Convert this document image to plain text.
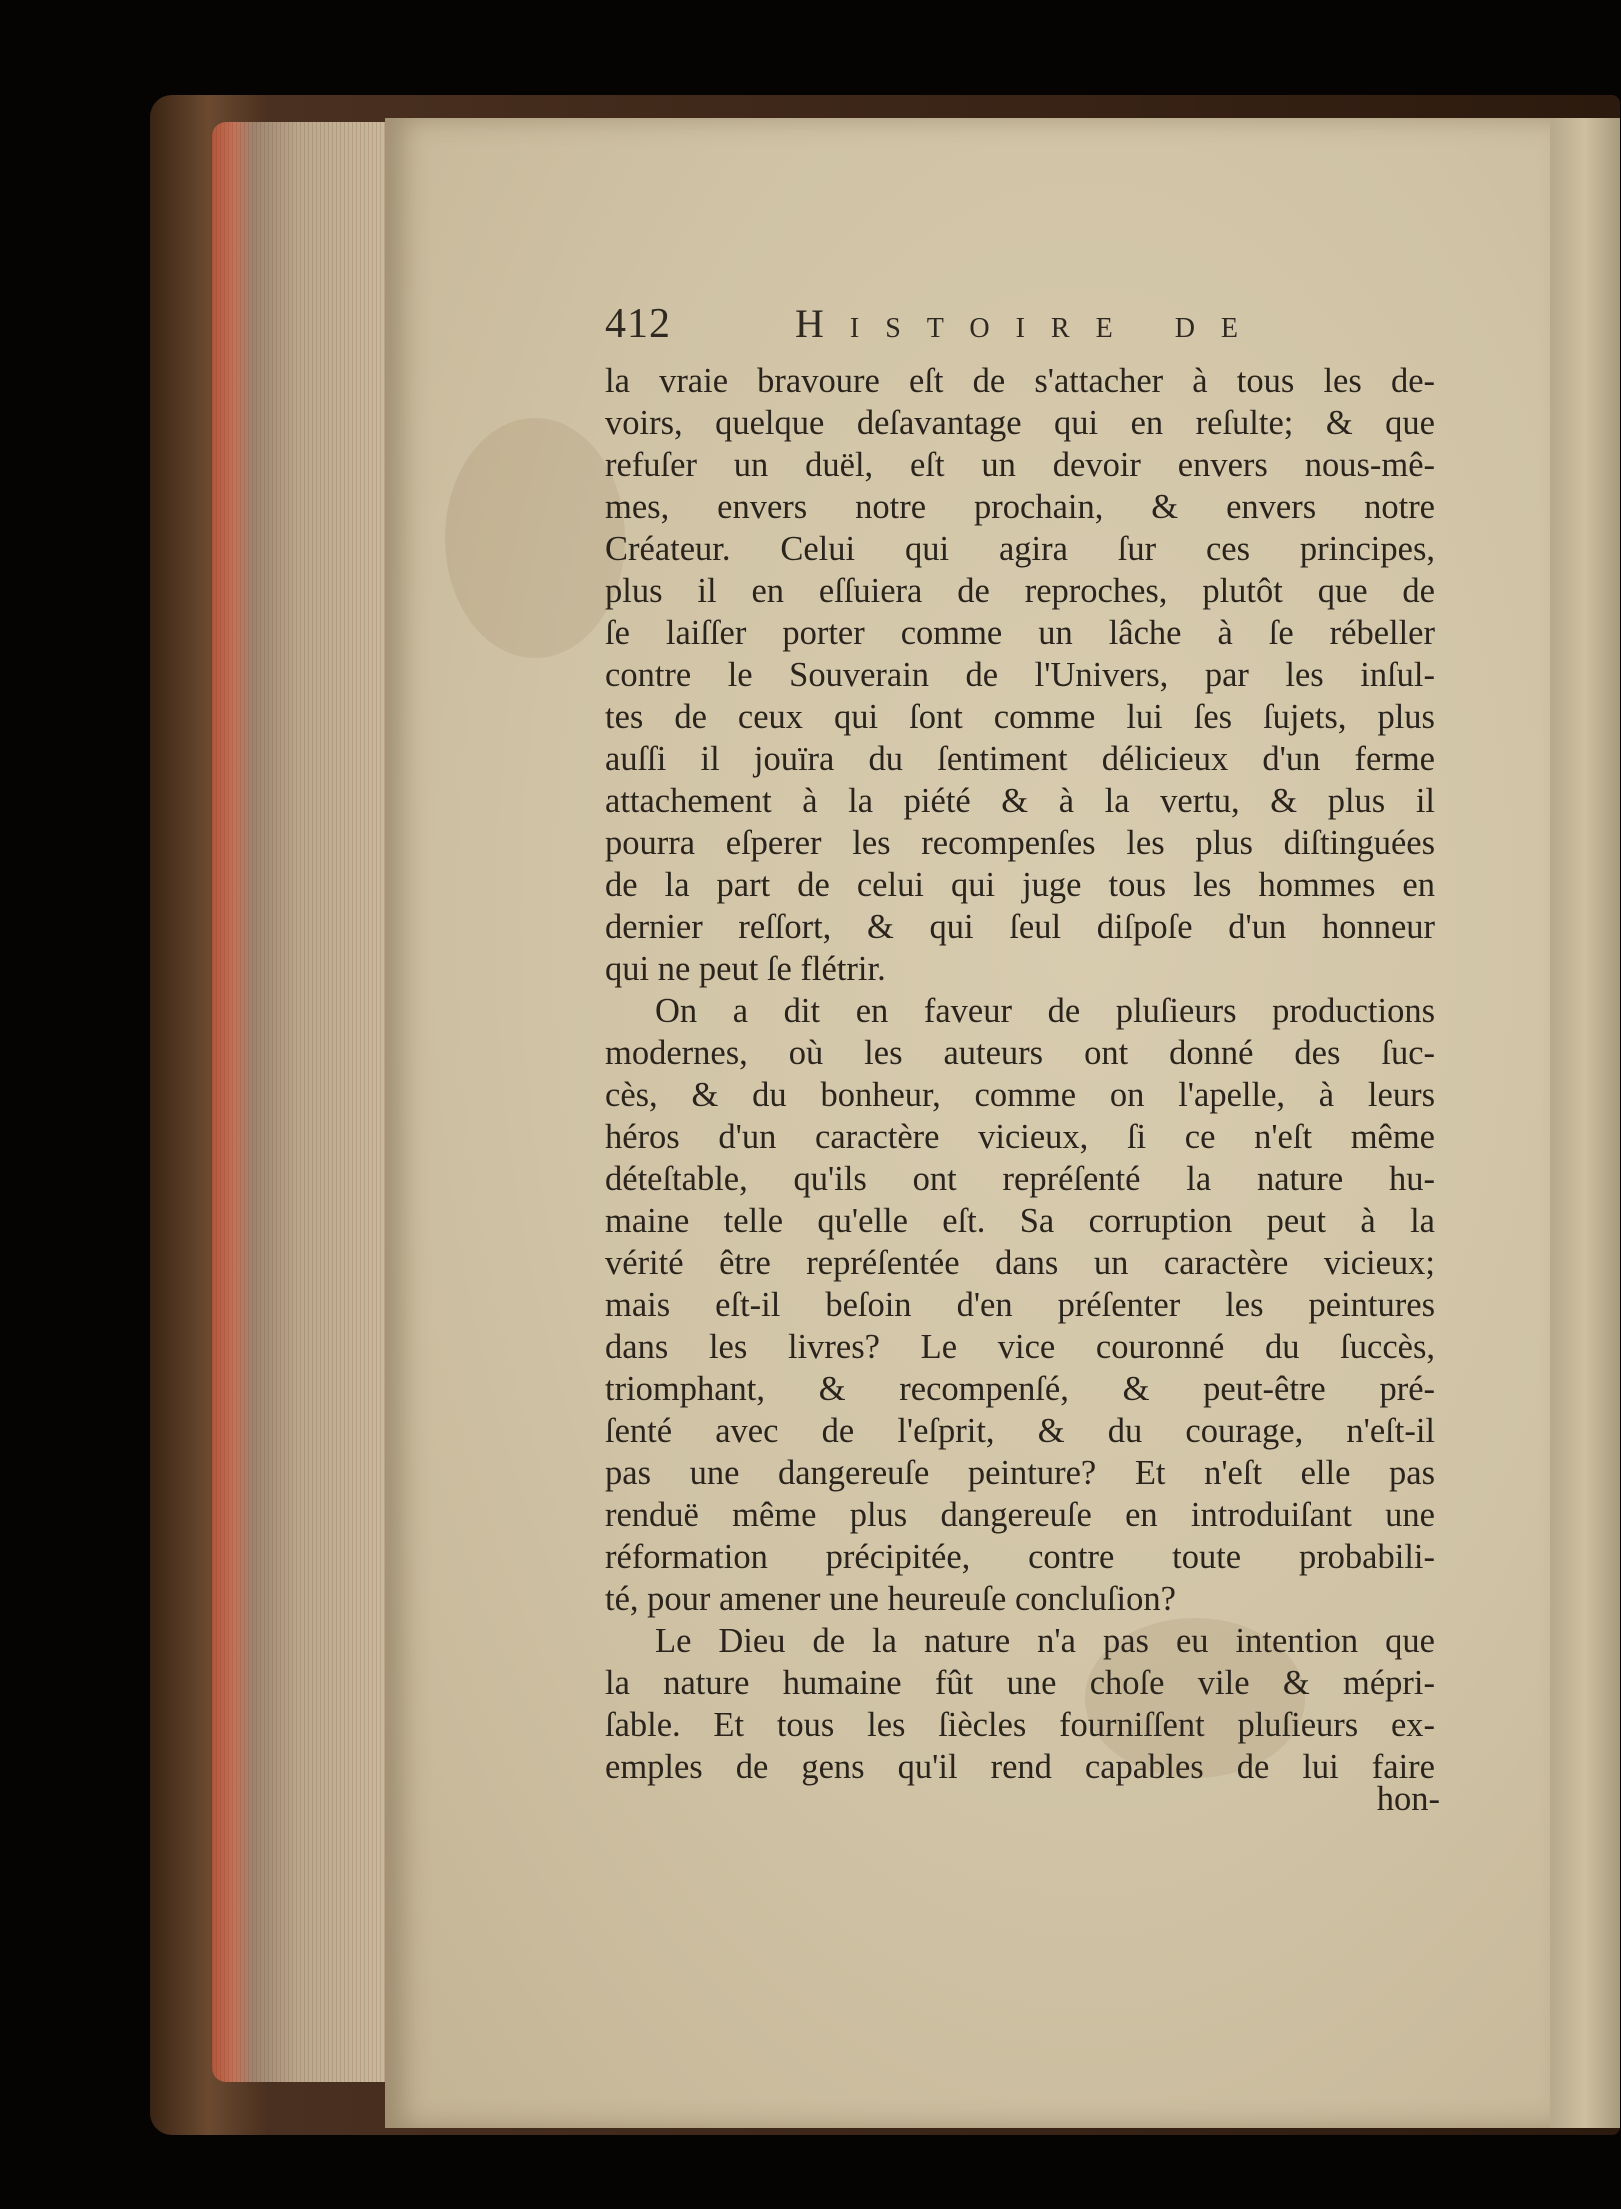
412	Histoire de
la vraie bravoure eſt de s'attacher à tous les de-
voirs, quelque deſavantage qui en reſulte; & que
refuſer un duël, eſt un devoir envers nous-mê-
mes, envers notre prochain, & envers notre
Créateur. Celui qui agira ſur ces principes,
plus il en eſſuiera de reproches, plutôt que de
ſe laiſſer porter comme un lâche à ſe rébeller
contre le Souverain de l'Univers, par les inſul-
tes de ceux qui ſont comme lui ſes ſujets, plus
auſſi il jouïra du ſentiment délicieux d'un ferme
attachement à la piété & à la vertu, & plus il
pourra eſperer les recompenſes les plus diſtinguées
de la part de celui qui juge tous les hommes en
dernier reſſort, & qui ſeul diſpoſe d'un honneur
qui ne peut ſe flétrir.
On a dit en faveur de pluſieurs productions
modernes, où les auteurs ont donné des ſuc-
cès, & du bonheur, comme on l'apelle, à leurs
héros d'un caractère vicieux, ſi ce n'eſt même
déteſtable, qu'ils ont repréſenté la nature hu-
maine telle qu'elle eſt. Sa corruption peut à la
vérité être repréſentée dans un caractère vicieux;
mais eſt-il beſoin d'en préſenter les peintures
dans les livres? Le vice couronné du ſuccès,
triomphant, & recompenſé, & peut-être pré-
ſenté avec de l'eſprit, & du courage, n'eſt-il
pas une dangereuſe peinture? Et n'eſt elle pas
renduë même plus dangereuſe en introduiſant une
réformation précipitée, contre toute probabili-
té, pour amener une heureuſe concluſion?
Le Dieu de la nature n'a pas eu intention que
la nature humaine fût une choſe vile & mépri-
ſable. Et tous les ſiècles fourniſſent pluſieurs ex-
emples de gens qu'il rend capables de lui faire
hon-
